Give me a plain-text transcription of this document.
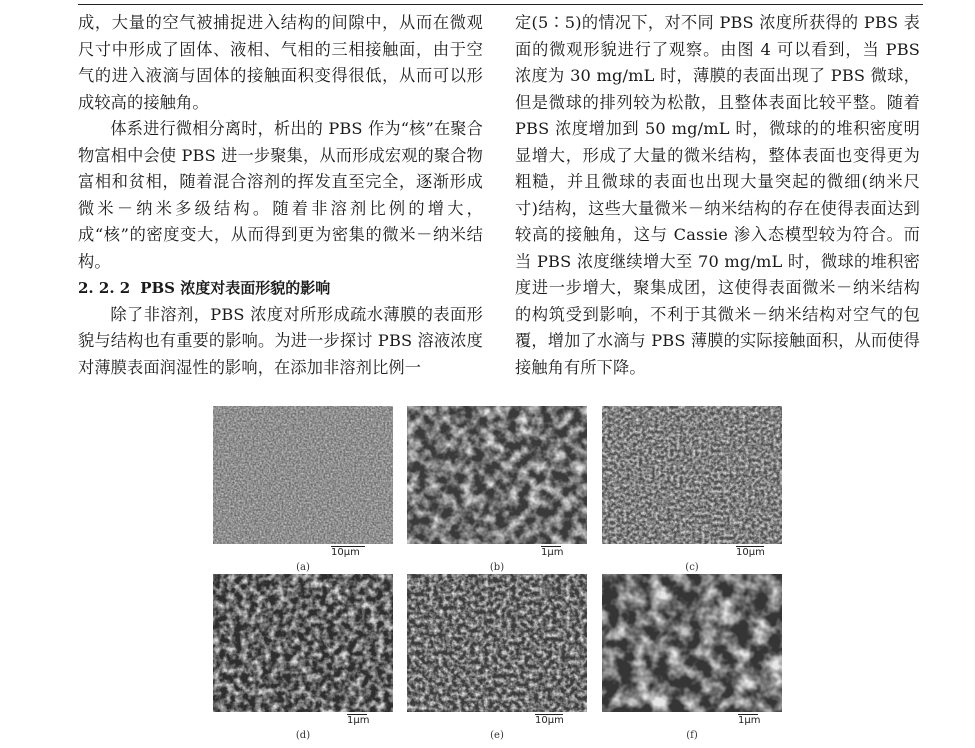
成，大量的空气被捕捉进入结构的间隙中，从而在微观尺寸中形成了固体、液相、气相的三相接触面，由于空气的进入液滴与固体的接触面积变得很低，从而可以形成较高的接触角。

体系进行微相分离时，析出的 PBS 作为“核”在聚合物富相中会使 PBS 进一步聚集，从而形成宏观的聚合物富相和贫相，随着混合溶剂的挥发直至完全，逐渐形成微米－纳米多级结构。随着非溶剂比例的增大，成“核”的密度变大，从而得到更为密集的微米－纳米结构。

2. 2. 2 PBS 浓度对表面形貌的影响

除了非溶剂，PBS 浓度对所形成疏水薄膜的表面形貌与结构也有重要的影响。为进一步探讨 PBS 溶液浓度对薄膜表面润湿性的影响，在添加非溶剂比例一

定(5∶5)的情况下，对不同 PBS 浓度所获得的 PBS 表面的微观形貌进行了观察。由图 4 可以看到，当 PBS 浓度为 30 mg/mL 时，薄膜的表面出现了 PBS 微球，但是微球的排列较为松散，且整体表面比较平整。随着 PBS 浓度增加到 50 mg/mL 时，微球的的堆积密度明显增大，形成了大量的微米结构，整体表面也变得更为粗糙，并且微球的表面也出现大量突起的微细(纳米尺寸)结构，这些大量微米－纳米结构的存在使得表面达到较高的接触角，这与 Cassie 渗入态模型较为符合。而当 PBS 浓度继续增大至 70 mg/mL 时，微球的堆积密度进一步增大，聚集成团，这使得表面微米－纳米结构的构筑受到影响，不利于其微米－纳米结构对空气的包覆，增加了水滴与 PBS 薄膜的实际接触面积，从而使得接触角有所下降。

10μm
(a)
1μm
(b)
10μm
(c)
1μm
(d)
10μm
(e)
1μm
(f)
